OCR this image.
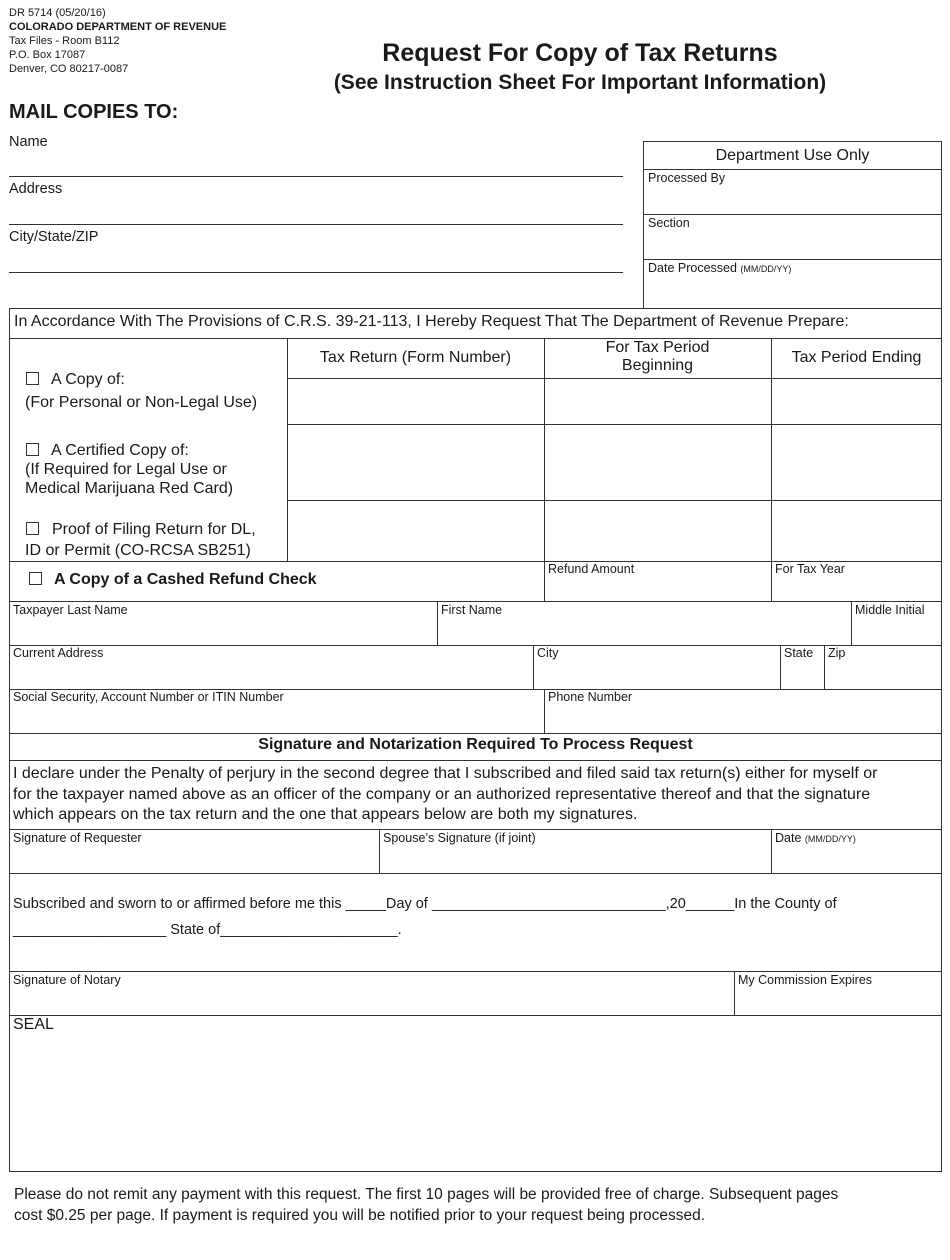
DR 5714 (05/20/16)
COLORADO DEPARTMENT OF REVENUE
Tax Files - Room B112
P.O. Box 17087
Denver, CO 80217-0087
Request For Copy of Tax Returns
(See Instruction Sheet For Important Information)
MAIL COPIES TO:
Name
Address
City/State/ZIP
Department Use Only
Processed By
Section
Date Processed (MM/DD/YY)
In Accordance With The Provisions of C.R.S. 39-21-113, I Hereby Request That The Department of Revenue Prepare:
Tax Return (Form Number)
For Tax Period
Beginning	Tax Period Ending
A Copy of:
(For Personal or Non-Legal Use)
A Certified Copy of:
(If Required for Legal Use or
Medical Marijuana Red Card)
Proof of Filing Return for DL,
ID or Permit (CO-RCSA SB251)
A Copy of a Cashed Refund Check
Refund Amount	For Tax Year
Taxpayer Last Name	First Name	Middle Initial
Current Address	City	State Zip
Social Security, Account Number or ITIN Number	Phone Number
Signature and Notarization Required To Process Request
I declare under the Penalty of perjury in the second degree that I subscribed and filed said tax return(s) either for myself or
for the taxpayer named above as an officer of the company or an authorized representative thereof and that the signature
which appears on the tax return and the one that appears below are both my signatures.
Signature of Requester	Spouse’s Signature (if joint)	Date (MM/DD/YY)
Subscribed and sworn to or affirmed before me this _____Day of _____________________________,20______In the County of
___________________ State of______________________.
Signature of Notary	My Commission Expires
SEAL
Please do not remit any payment with this request. The first 10 pages will be provided free of charge. Subsequent pages
cost $0.25 per page. If payment is required you will be notified prior to your request being processed.
